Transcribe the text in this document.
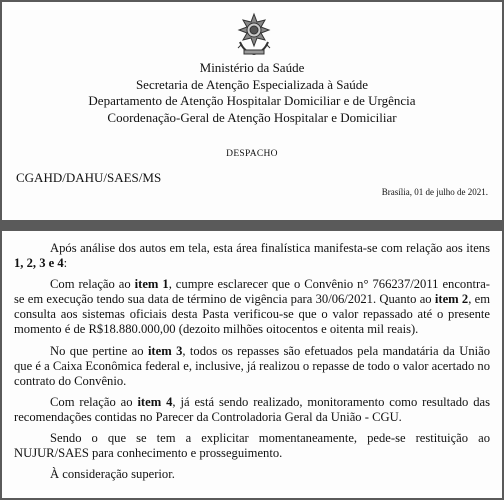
Ministério da Saúde
Secretaria de Atenção Especializada à Saúde
Departamento de Atenção Hospitalar Domiciliar e de Urgência
Coordenação-Geral de Atenção Hospitalar e Domiciliar
DESPACHO
CGAHD/DAHU/SAES/MS
Brasília, 01 de julho de 2021.

Após análise dos autos em tela, esta área finalística manifesta-se com relação aos itens 1, 2, 3 e 4:

Com relação ao item 1, cumpre esclarecer que o Convênio n° 766237/2011 encontra-se em execução tendo sua data de término de vigência para 30/06/2021. Quanto ao item 2, em consulta aos sistemas oficiais desta Pasta verificou-se que o valor repassado até o presente momento é de R$18.880.000,00 (dezoito milhões oitocentos e oitenta mil reais).

No que pertine ao item 3, todos os repasses são efetuados pela mandatária da União que é a Caixa Econômica federal e, inclusive, já realizou o repasse de todo o valor acertado no contrato do Convênio.

Com relação ao item 4, já está sendo realizado, monitoramento como resultado das recomendações contidas no Parecer da Controladoria Geral da União - CGU.

Sendo o que se tem a explicitar momentaneamente, pede-se restituição ao NUJUR/SAES para conhecimento e prosseguimento.

À consideração superior.
